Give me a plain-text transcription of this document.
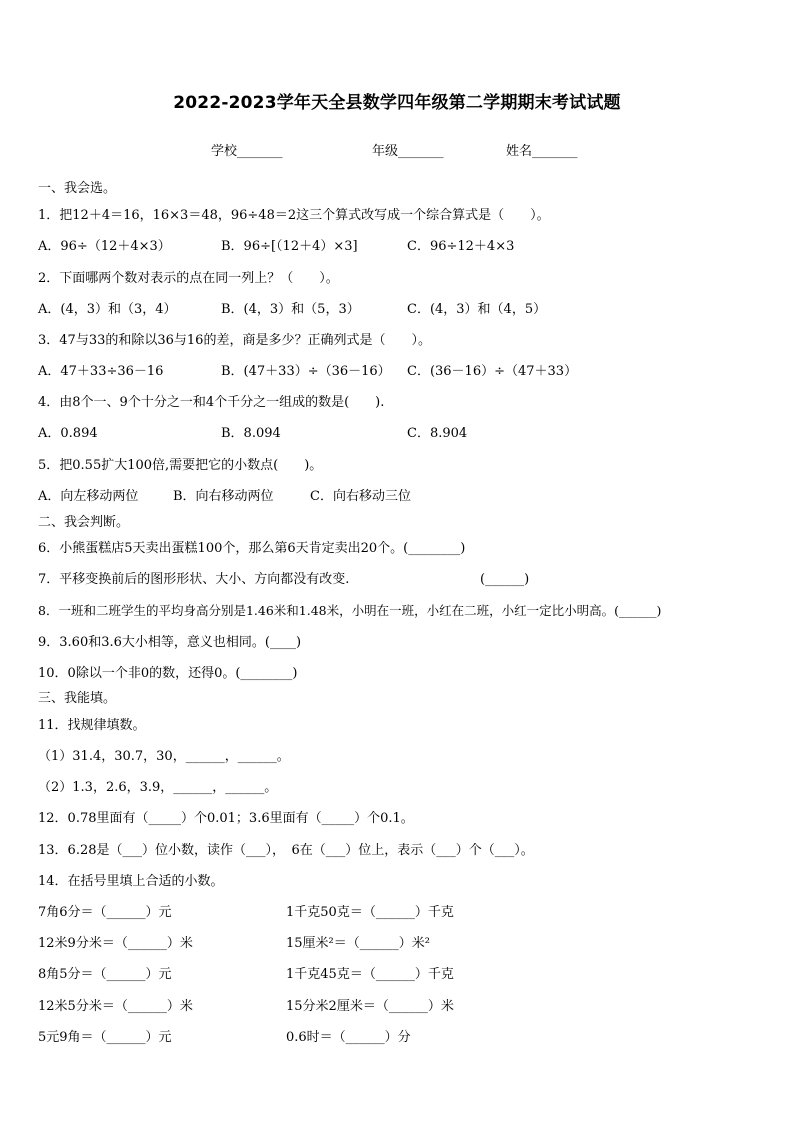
2022-2023学年天全县数学四年级第二学期期末考试试题
学校_______	年级_______	姓名_______
一、我会选。
1．把12＋4＝16，16×3＝48，96÷48＝2这三个算式改写成一个综合算式是（　　）。
A．96÷（12＋4×3）	B．96÷[（12＋4）×3]	C．96÷12＋4×3
2．下面哪两个数对表示的点在同一列上？（　　）。
A．(4，3）和（3，4）	B．(4，3）和（5，3）	C．(4，3）和（4，5）
3．47与33的和除以36与16的差，商是多少？正确列式是（　　）。
A．47＋33÷36－16	B．(47＋33）÷（36－16） C．(36－16）÷（47＋33）
4．由8个一、9个十分之一和4个千分之一组成的数是(　　).
A．0.894	B．8.094	C．8.904
5．把0.55扩大100倍,需要把它的小数点(　　)。
A．向左移动两位	B．向右移动两位	C．向右移动三位
二、我会判断。
6．小熊蛋糕店5天卖出蛋糕100个，那么第6天肯定卖出20个。(________)
7．平移变换前后的图形形状、大小、方向都没有改变.	(______)
8．一班和二班学生的平均身高分别是1.46米和1.48米，小明在一班，小红在二班，小红一定比小明高。(______)
9．3.60和3.6大小相等，意义也相同。(____)
10．0除以一个非0的数，还得0。(________)
三、我能填。
11．找规律填数。
（1）31.4，30.7，30，______，______。
（2）1.3，2.6，3.9，______，______。
12．0.78里面有（_____）个0.01；3.6里面有（_____）个0.1。
13．6.28是（___）位小数，读作（___），　6在（___）位上，表示（___）个（___）。
14．在括号里填上合适的小数。
7角6分＝（______）元	1千克50克＝（______）千克
12米9分米＝（______）米	15厘米²＝（______）米²
8角5分＝（______）元	1千克45克＝（______）千克
12米5分米＝（______）米	15分米2厘米＝（______）米
5元9角＝（______）元	0.6时＝（______）分
